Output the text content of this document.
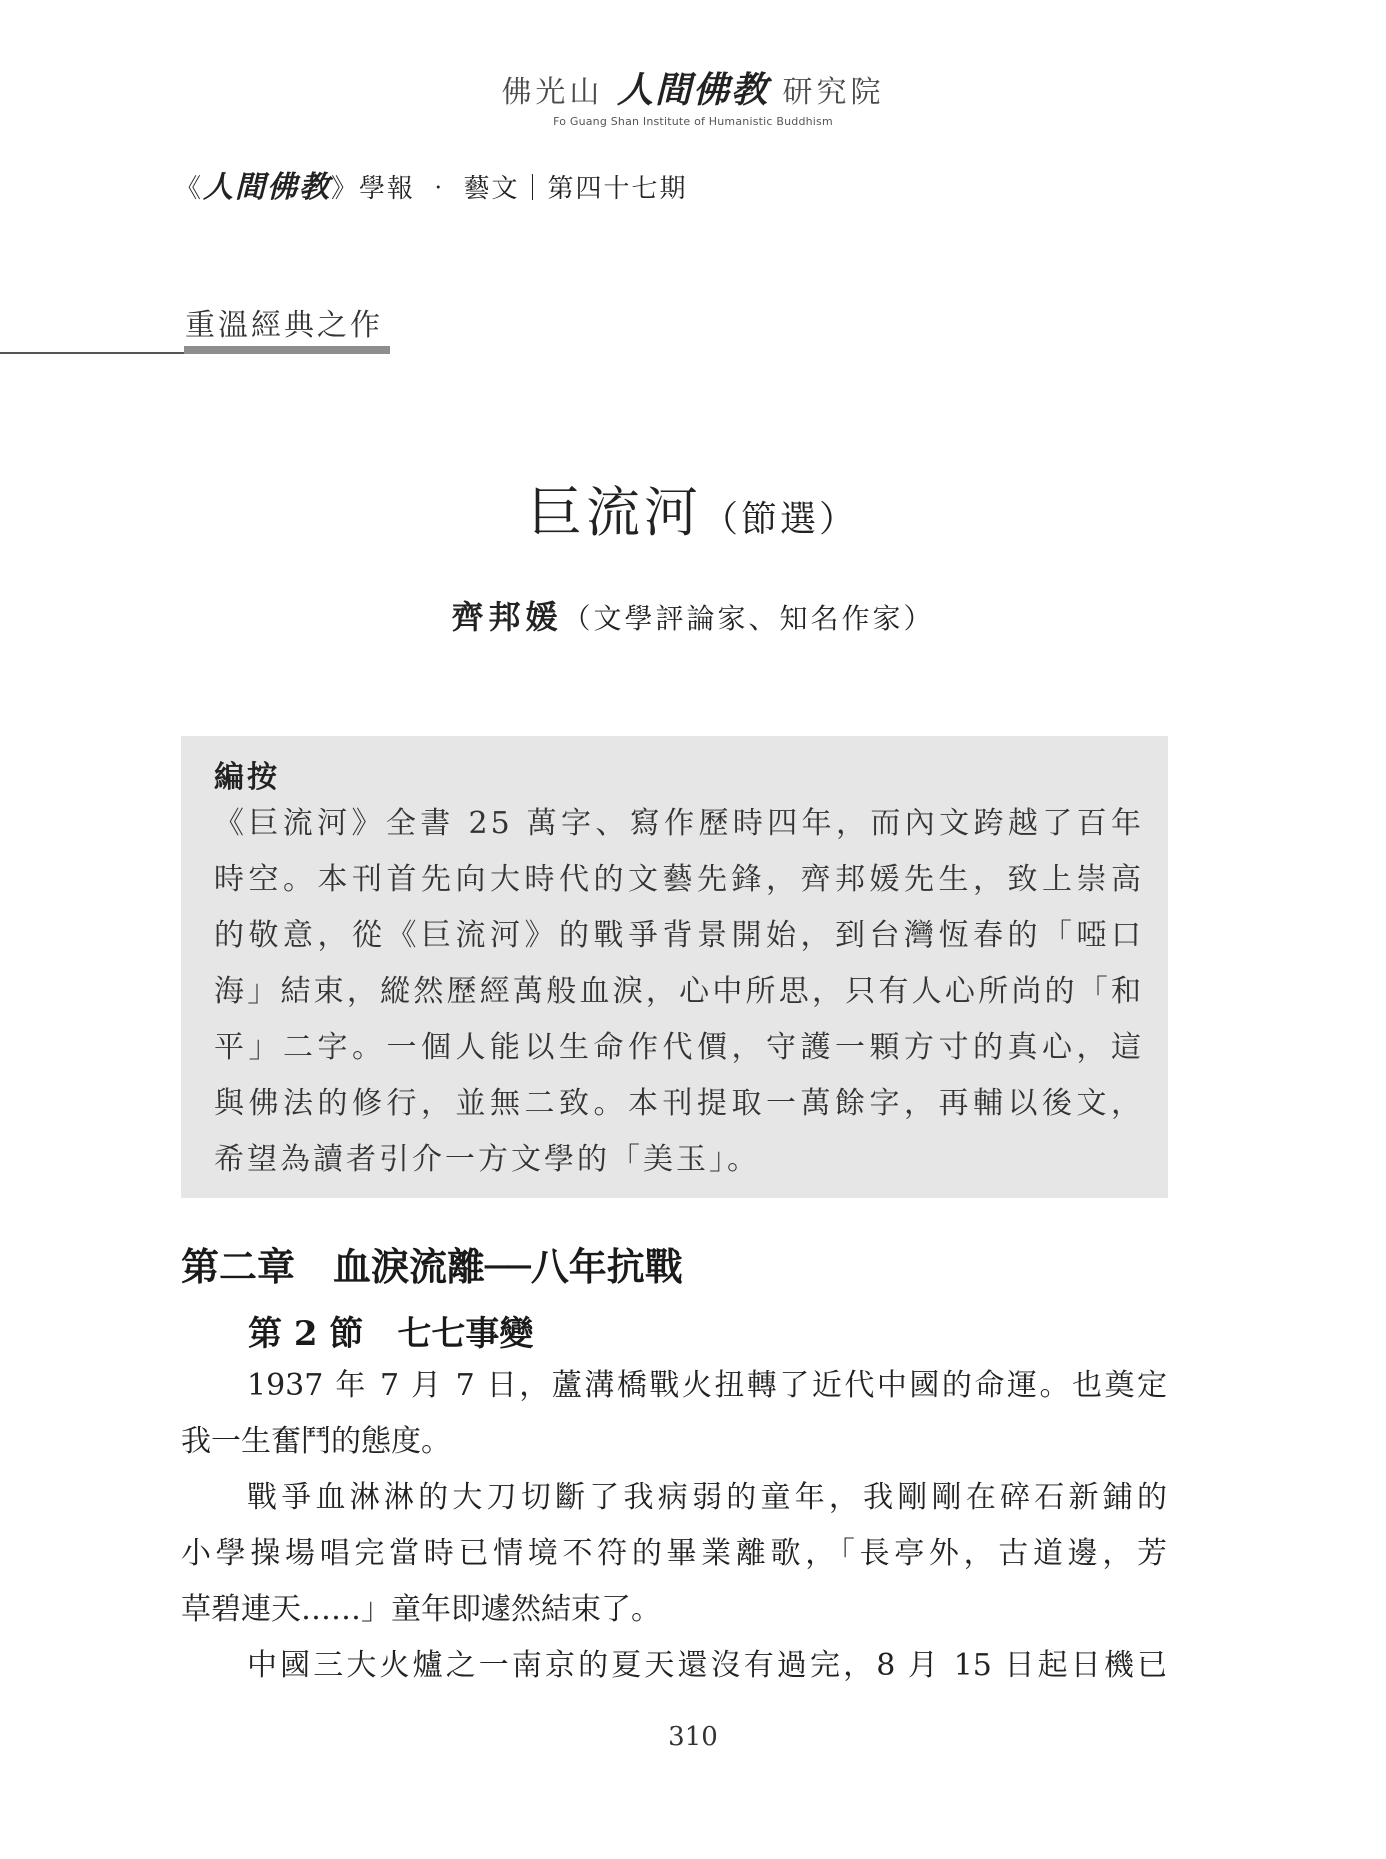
佛光山 人間佛教 研究院
Fo Guang Shan Institute of Humanistic Buddhism
《人間佛教》學報 ‧ 藝文｜第四十七期
重溫經典之作
巨流河（節選）
齊邦媛（文學評論家、知名作家）
編按
《巨流河》全書 25 萬字、寫作歷時四年，而內文跨越了百年
時空。本刊首先向大時代的文藝先鋒，齊邦媛先生，致上崇高
的敬意，從《巨流河》的戰爭背景開始，到台灣恆春的「啞口
海」結束，縱然歷經萬般血淚，心中所思，只有人心所尚的「和
平」二字。一個人能以生命作代價，守護一顆方寸的真心，這
與佛法的修行，並無二致。本刊提取一萬餘字，再輔以後文，
希望為讀者引介一方文學的「美玉」。
第二章　血淚流離──八年抗戰
第 2 節　七七事變
1937 年 7 月 7 日，蘆溝橋戰火扭轉了近代中國的命運。也奠定
我一生奮鬥的態度。
戰爭血淋淋的大刀切斷了我病弱的童年，我剛剛在碎石新鋪的
小學操場唱完當時已情境不符的畢業離歌，「長亭外，古道邊，芳
草碧連天……」童年即遽然結束了。
中國三大火爐之一南京的夏天還沒有過完，8 月 15 日起日機已
310
